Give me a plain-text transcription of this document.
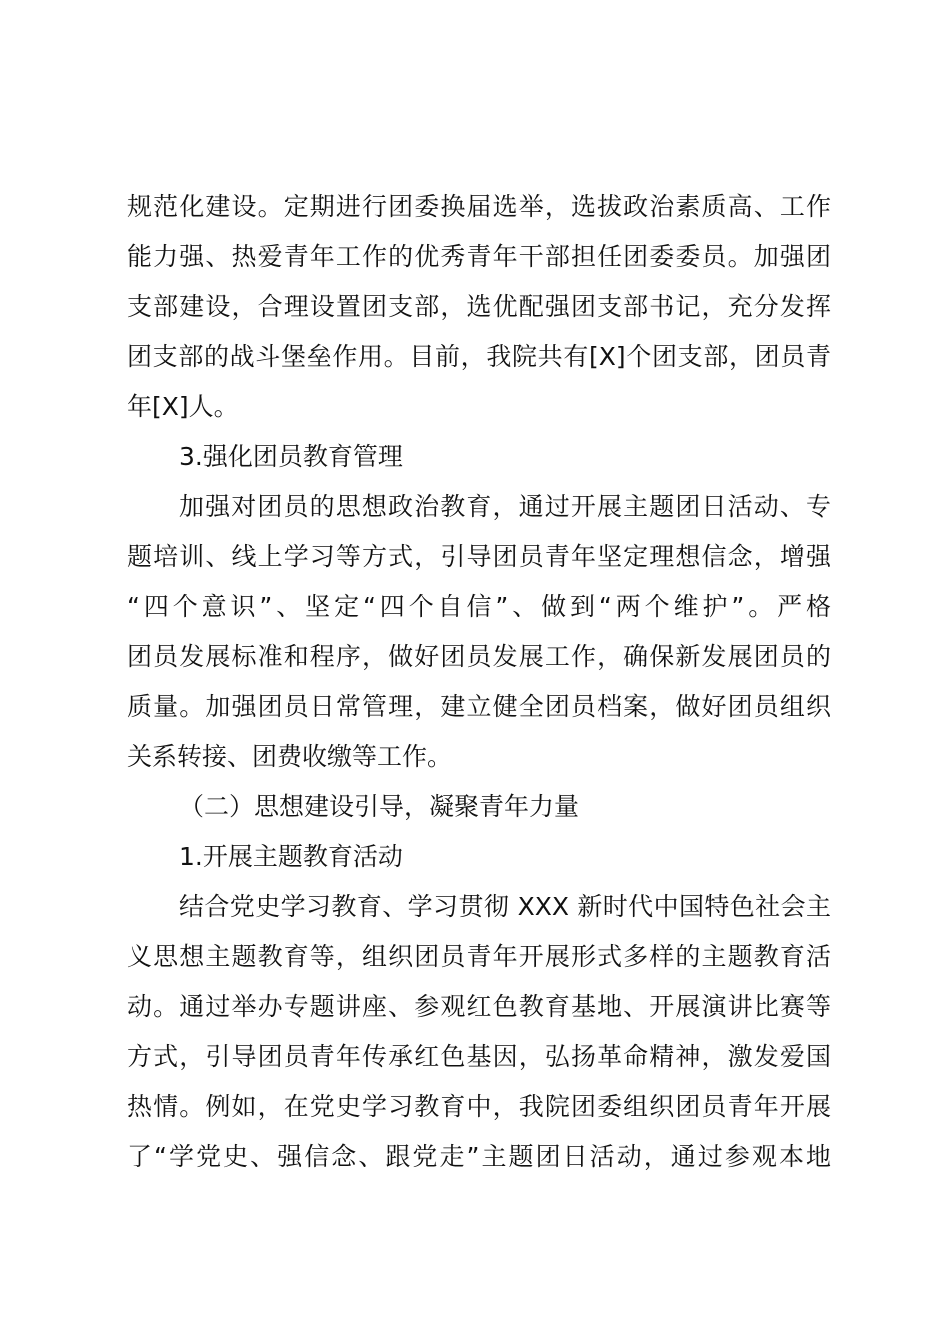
规范化建设。定期进行团委换届选举，选拔政治素质高、工作
能力强、热爱青年工作的优秀青年干部担任团委委员。加强团
支部建设，合理设置团支部，选优配强团支部书记，充分发挥
团支部的战斗堡垒作用。目前，我院共有[X]个团支部，团员青
年[X]人。
3.强化团员教育管理
加强对团员的思想政治教育，通过开展主题团日活动、专
题培训、线上学习等方式，引导团员青年坚定理想信念，增强
“四个意识”、坚定“四个自信”、做到“两个维护”。严格
团员发展标准和程序，做好团员发展工作，确保新发展团员的
质量。加强团员日常管理，建立健全团员档案，做好团员组织
关系转接、团费收缴等工作。
（二）思想建设引导，凝聚青年力量
1.开展主题教育活动
结合党史学习教育、学习贯彻 XXX 新时代中国特色社会主
义思想主题教育等，组织团员青年开展形式多样的主题教育活
动。通过举办专题讲座、参观红色教育基地、开展演讲比赛等
方式，引导团员青年传承红色基因，弘扬革命精神，激发爱国
热情。例如，在党史学习教育中，我院团委组织团员青年开展
了“学党史、强信念、跟党走”主题团日活动，通过参观本地
